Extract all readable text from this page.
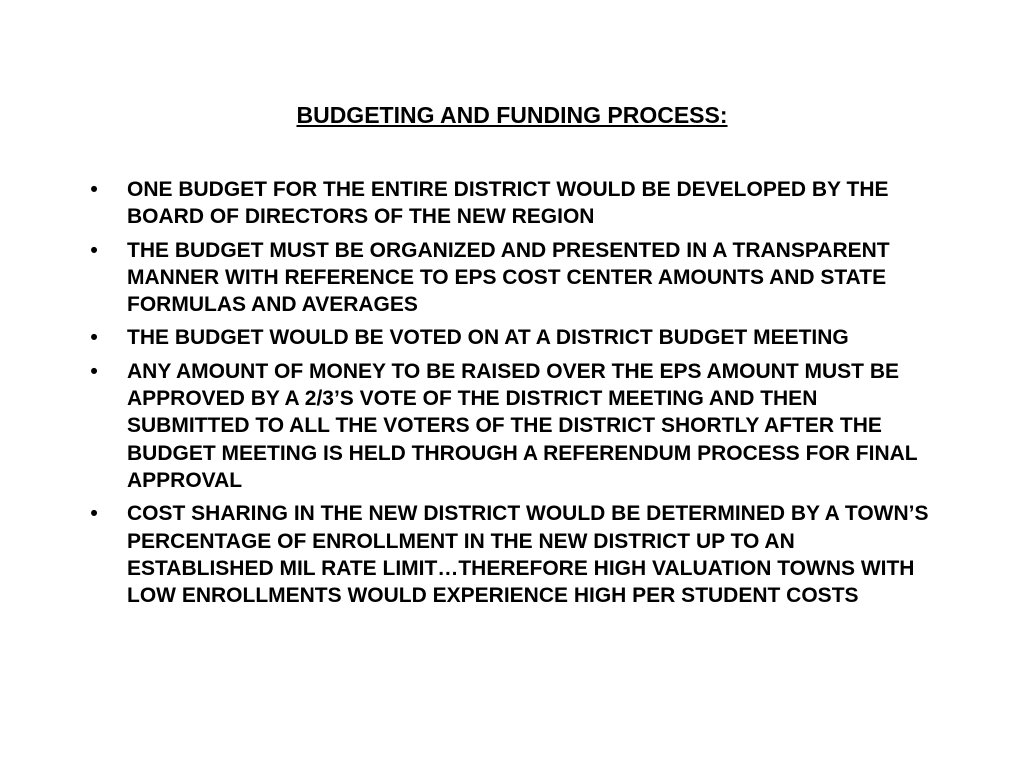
BUDGETING AND FUNDING PROCESS:
•	ONE BUDGET FOR THE ENTIRE DISTRICT WOULD BE DEVELOPED BY THE BOARD OF DIRECTORS OF THE NEW REGION
•	THE BUDGET MUST BE ORGANIZED AND PRESENTED IN A TRANSPARENT MANNER WITH REFERENCE TO EPS COST CENTER AMOUNTS AND STATE FORMULAS AND AVERAGES
•	THE BUDGET WOULD BE VOTED ON AT A DISTRICT BUDGET MEETING
•	ANY AMOUNT OF MONEY TO BE RAISED OVER THE EPS AMOUNT MUST BE APPROVED BY A 2/3’S VOTE OF THE DISTRICT MEETING AND THEN SUBMITTED TO ALL THE VOTERS OF THE DISTRICT SHORTLY AFTER THE BUDGET MEETING IS HELD THROUGH A REFERENDUM PROCESS FOR FINAL APPROVAL
•	COST SHARING IN THE NEW DISTRICT WOULD BE DETERMINED BY A TOWN’S PERCENTAGE OF ENROLLMENT IN THE NEW DISTRICT UP TO AN ESTABLISHED MIL RATE LIMIT…THEREFORE HIGH VALUATION TOWNS WITH LOW ENROLLMENTS WOULD EXPERIENCE HIGH PER STUDENT COSTS
